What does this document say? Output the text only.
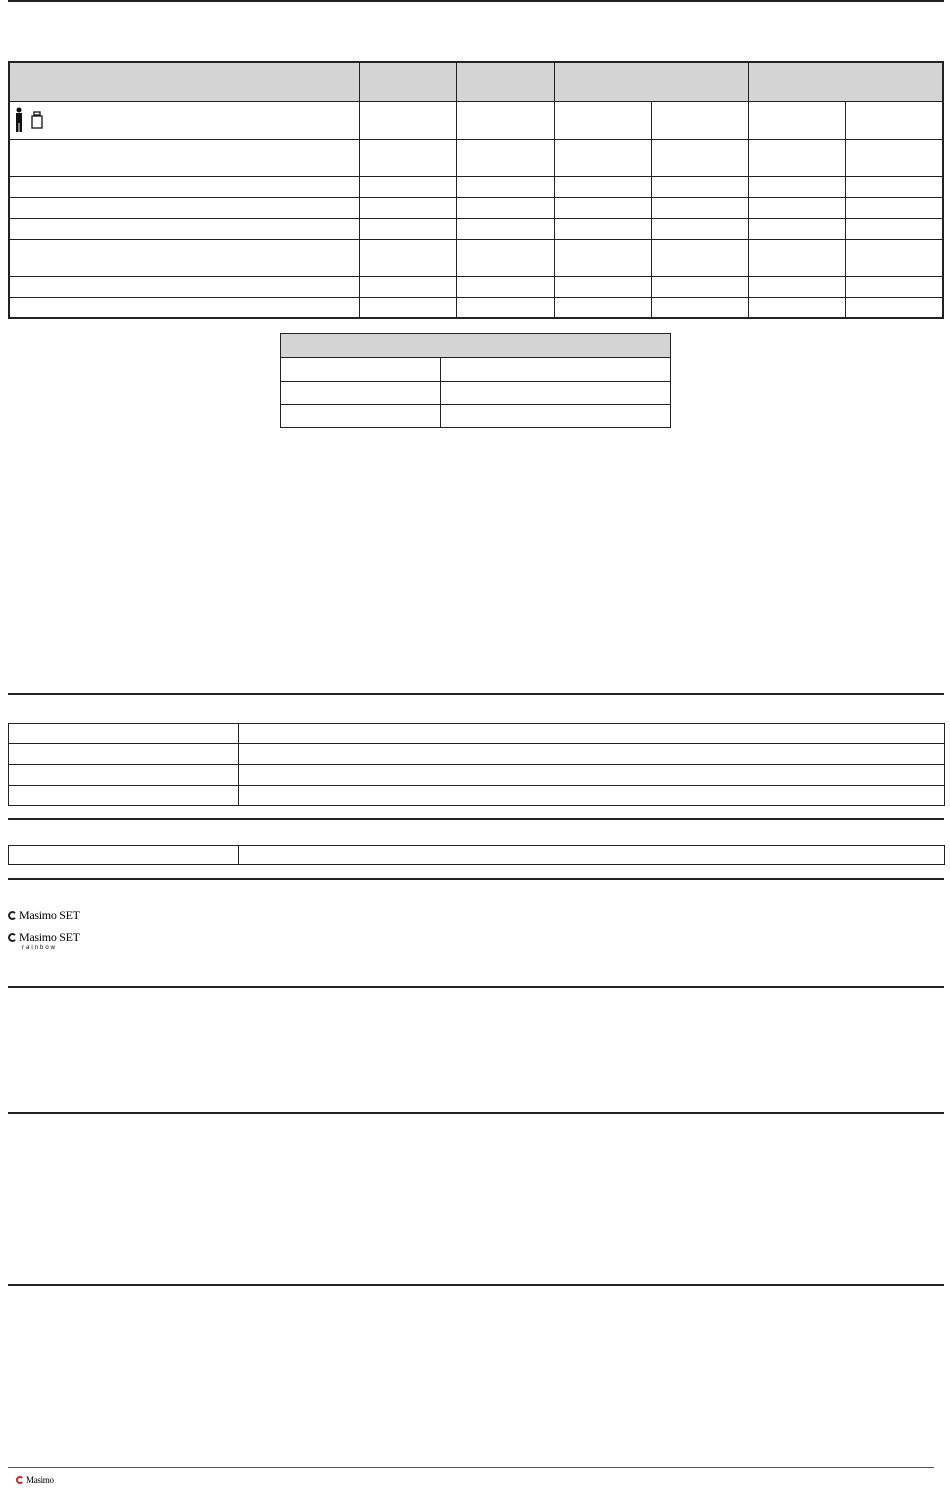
Masimo SET
Masimo SET
rainbow
Masimo
